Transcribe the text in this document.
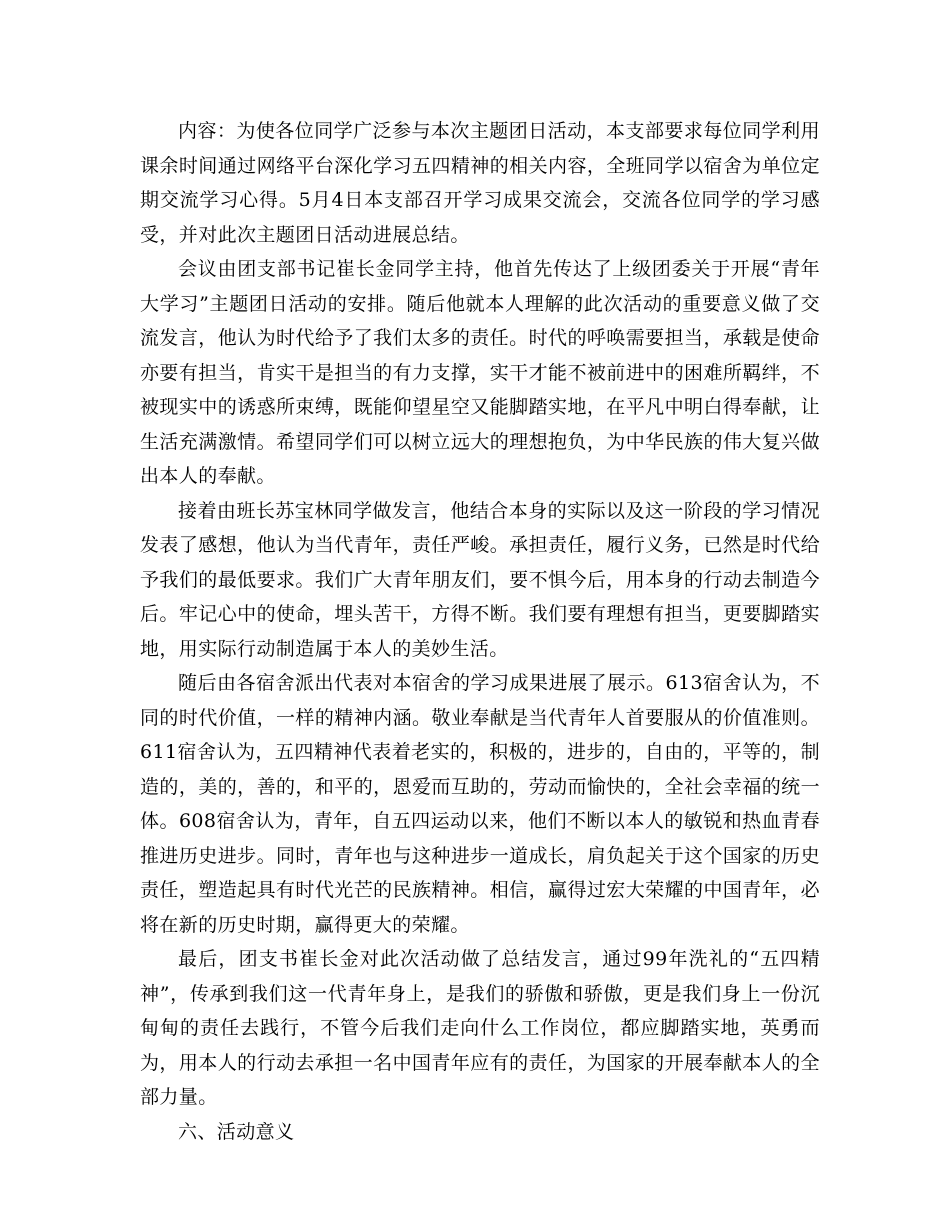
内容：为使各位同学广泛参与本次主题团日活动，本支部要求每位同学利用课余时间通过网络平台深化学习五四精神的相关内容，全班同学以宿舍为单位定期交流学习心得。5月4日本支部召开学习成果交流会，交流各位同学的学习感受，并对此次主题团日活动进展总结。

会议由团支部书记崔长金同学主持，他首先传达了上级团委关于开展“青年大学习”主题团日活动的安排。随后他就本人理解的此次活动的重要意义做了交流发言，他认为时代给予了我们太多的责任。时代的呼唤需要担当，承载是使命亦要有担当，肯实干是担当的有力支撑，实干才能不被前进中的困难所羁绊，不被现实中的诱惑所束缚，既能仰望星空又能脚踏实地，在平凡中明白得奉献，让生活充满激情。希望同学们可以树立远大的理想抱负，为中华民族的伟大复兴做出本人的奉献。

接着由班长苏宝林同学做发言，他结合本身的实际以及这一阶段的学习情况发表了感想，他认为当代青年，责任严峻。承担责任，履行义务，已然是时代给予我们的最低要求。我们广大青年朋友们，要不惧今后，用本身的行动去制造今后。牢记心中的使命，埋头苦干，方得不断。我们要有理想有担当，更要脚踏实地，用实际行动制造属于本人的美妙生活。

随后由各宿舍派出代表对本宿舍的学习成果进展了展示。613宿舍认为，不同的时代价值，一样的精神内涵。敬业奉献是当代青年人首要服从的价值准则。611宿舍认为，五四精神代表着老实的，积极的，进步的，自由的，平等的，制造的，美的，善的，和平的，恩爱而互助的，劳动而愉快的，全社会幸福的统一体。608宿舍认为，青年，自五四运动以来，他们不断以本人的敏锐和热血青春推进历史进步。同时，青年也与这种进步一道成长，肩负起关于这个国家的历史责任，塑造起具有时代光芒的民族精神。相信，赢得过宏大荣耀的中国青年，必将在新的历史时期，赢得更大的荣耀。

最后，团支书崔长金对此次活动做了总结发言，通过99年洗礼的“五四精神”，传承到我们这一代青年身上，是我们的骄傲和骄傲，更是我们身上一份沉甸甸的责任去践行，不管今后我们走向什么工作岗位，都应脚踏实地，英勇而为，用本人的行动去承担一名中国青年应有的责任，为国家的开展奉献本人的全部力量。

六、活动意义
